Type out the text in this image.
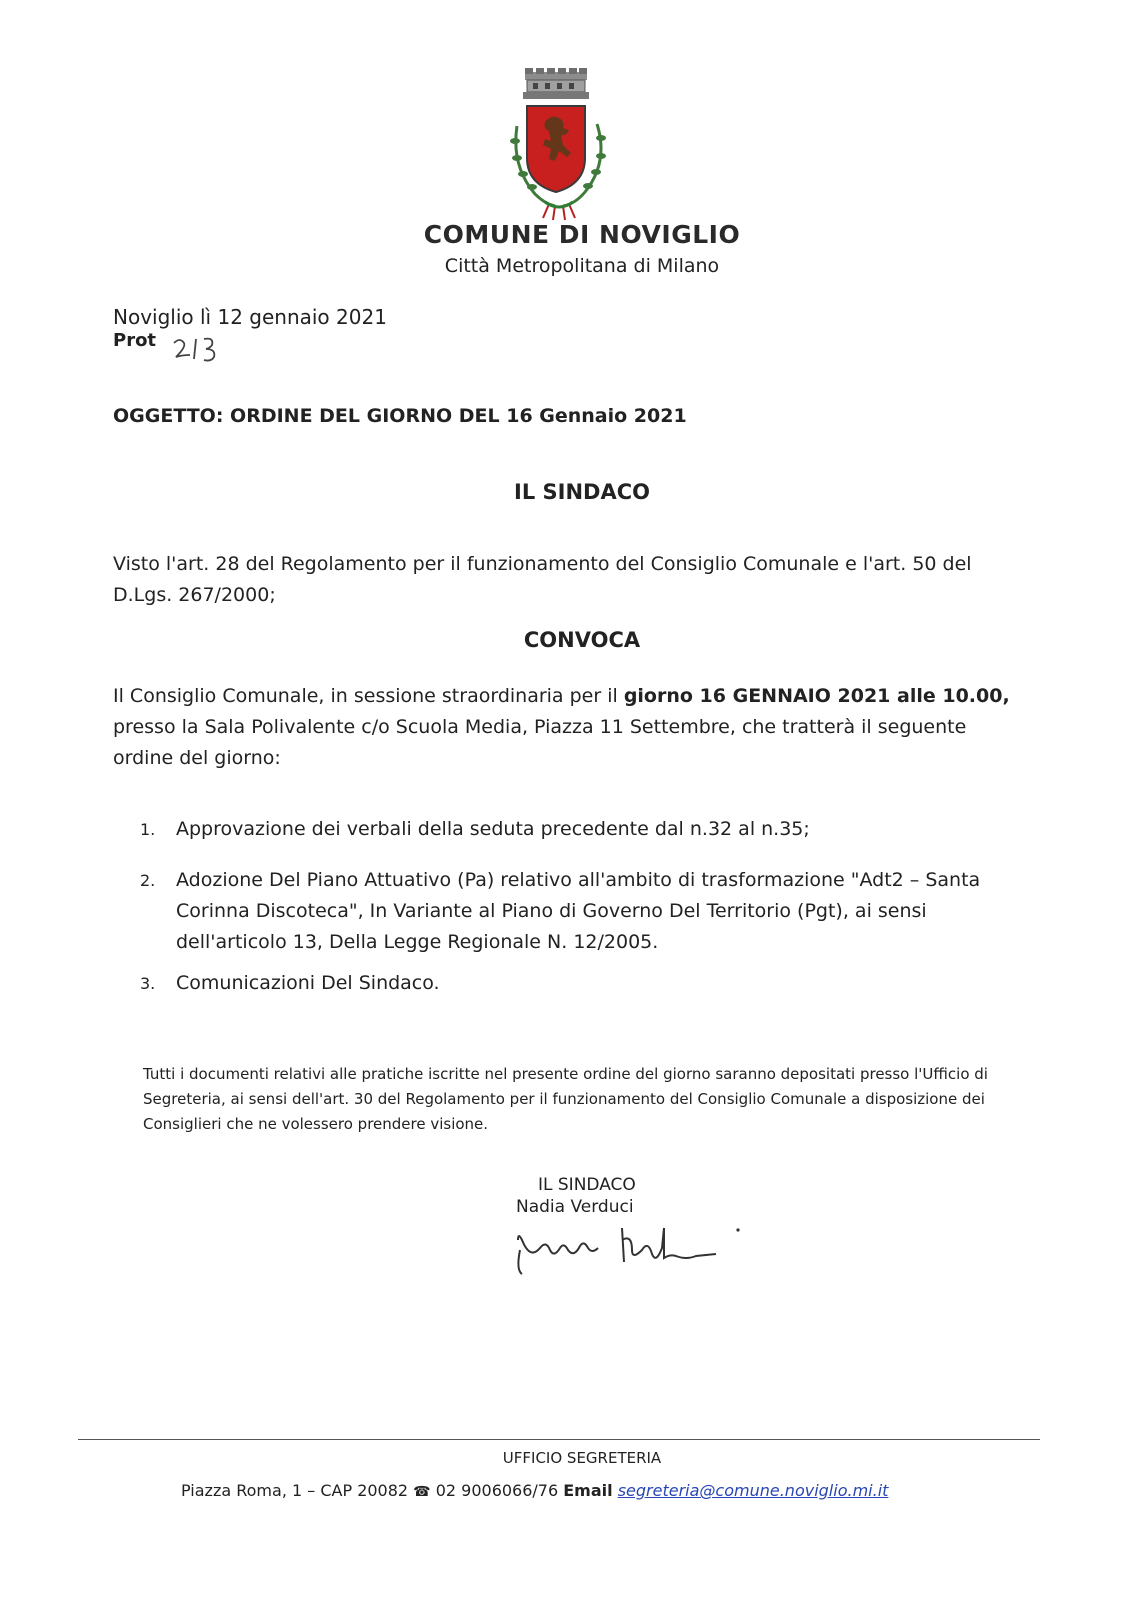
COMUNE DI NOVIGLIO
Città Metropolitana di Milano
Noviglio lì 12 gennaio 2021
Prot
OGGETTO: ORDINE DEL GIORNO DEL 16 Gennaio 2021
IL SINDACO
Visto l'art. 28 del Regolamento per il funzionamento del Consiglio Comunale e l'art. 50 del D.Lgs. 267/2000;
CONVOCA
Il Consiglio Comunale, in sessione straordinaria per il giorno 16 GENNAIO 2021 alle 10.00, presso la Sala Polivalente c/o Scuola Media, Piazza 11 Settembre, che tratterà il seguente ordine del giorno:
1.	Approvazione dei verbali della seduta precedente dal n.32 al n.35;
2.	Adozione Del Piano Attuativo (Pa) relativo all'ambito di trasformazione "Adt2 – Santa Corinna Discoteca", In Variante al Piano di Governo Del Territorio (Pgt), ai sensi dell'articolo 13, Della Legge Regionale N. 12/2005.
3.	Comunicazioni Del Sindaco.
Tutti i documenti relativi alle pratiche iscritte nel presente ordine del giorno saranno depositati presso l'Ufficio di Segreteria, ai sensi dell'art. 30 del Regolamento per il funzionamento del Consiglio Comunale a disposizione dei Consiglieri che ne volessero prendere visione.
IL SINDACO
Nadia Verduci
UFFICIO SEGRETERIA
Piazza Roma, 1 – CAP 20082 ☎ 02 9006066/76 Email segreteria@comune.noviglio.mi.it
